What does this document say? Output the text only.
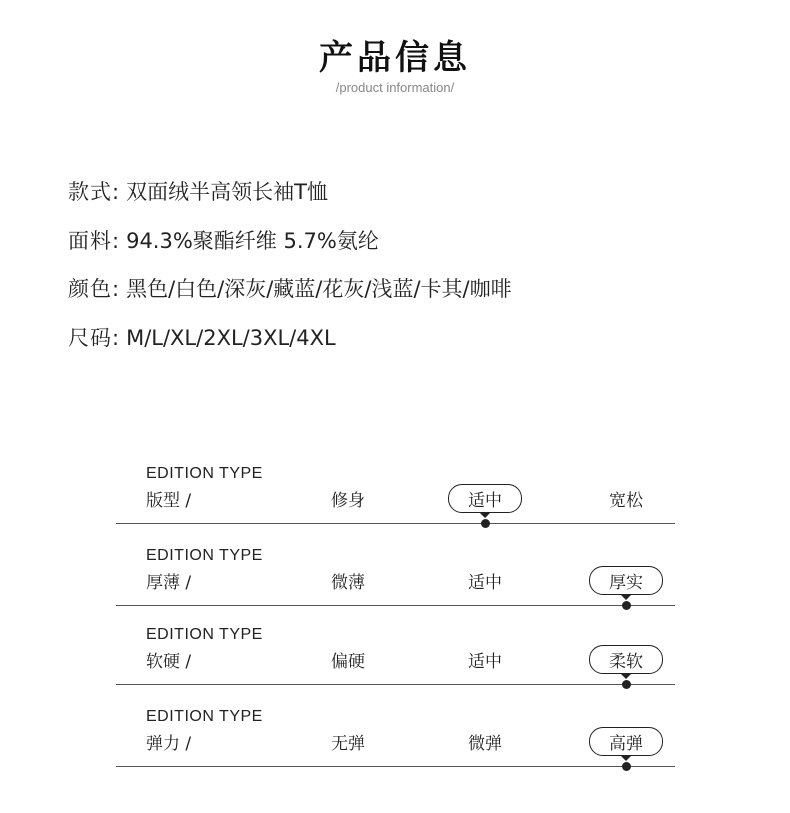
产品信息
/product information/
款式: 双面绒半高领长袖T恤
面料: 94.3%聚酯纤维 5.7%氨纶
颜色: 黑色/白色/深灰/藏蓝/花灰/浅蓝/卡其/咖啡
尺码: M/L/XL/2XL/3XL/4XL
EDITION TYPE
版型 /	修身	适中	宽松
EDITION TYPE
厚薄 /	微薄	适中	厚实
EDITION TYPE
软硬 /	偏硬	适中	柔软
EDITION TYPE
弹力 /	无弹	微弹	高弹
